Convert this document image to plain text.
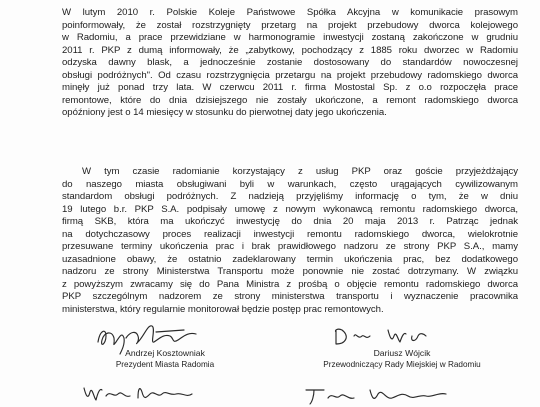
W lutym 2010 r. Polskie Koleje Państwowe Spółka Akcyjna w komunikacie prasowym
poinformowały, że został rozstrzygnięty przetarg na projekt przebudowy dworca kolejowego
w Radomiu, a prace przewidziane w harmonogramie inwestycji zostaną zakończone w grudniu
2011 r. PKP z dumą informowały, że „zabytkowy, pochodzący z 1885 roku dworzec w Radomiu
odzyska dawny blask, a jednocześnie zostanie dostosowany do standardów nowoczesnej
obsługi podróżnych". Od czasu rozstrzygnięcia przetargu na projekt przebudowy radomskiego dworca
minęły już ponad trzy lata. W czerwcu 2011 r. firma Mostostal Sp. z o.o rozpoczęła prace
remontowe, które do dnia dzisiejszego nie zostały ukończone, a remont radomskiego dworca
opóźniony jest o 14 miesięcy w stosunku do pierwotnej daty jego ukończenia.

W tym czasie radomianie korzystający z usług PKP oraz goście przyjeżdżający
do naszego miasta obsługiwani byli w warunkach, często urągających cywilizowanym
standardom obsługi podróżnych. Z nadzieją przyjęliśmy informację o tym, że w dniu
19 lutego b.r. PKP S.A. podpisały umowę z nowym wykonawcą remontu radomskiego dworca,
firmą SKB, która ma ukończyć inwestycję do dnia 20 maja 2013 r. Patrząc jednak
na dotychczasowy proces realizacji inwestycji remontu radomskiego dworca, wielokrotnie
przesuwane terminy ukończenia prac i brak prawidłowego nadzoru ze strony PKP S.A., mamy
uzasadnione obawy, że ostatnio zadeklarowany termin ukończenia prac, bez dodatkowego
nadzoru ze strony Ministerstwa Transportu może ponownie nie zostać dotrzymany. W związku
z powyższym zwracamy się do Pana Ministra z prośbą o objęcie remontu radomskiego dworca
PKP szczególnym nadzorem ze strony ministerstwa transportu i wyznaczenie pracownika
ministerstwa, który regularnie monitorował będzie postęp prac remontowych.

Andrzej Kosztowniak
Prezydent Miasta Radomia
Dariusz Wójcik
Przewodniczący Rady Miejskiej w Radomiu
